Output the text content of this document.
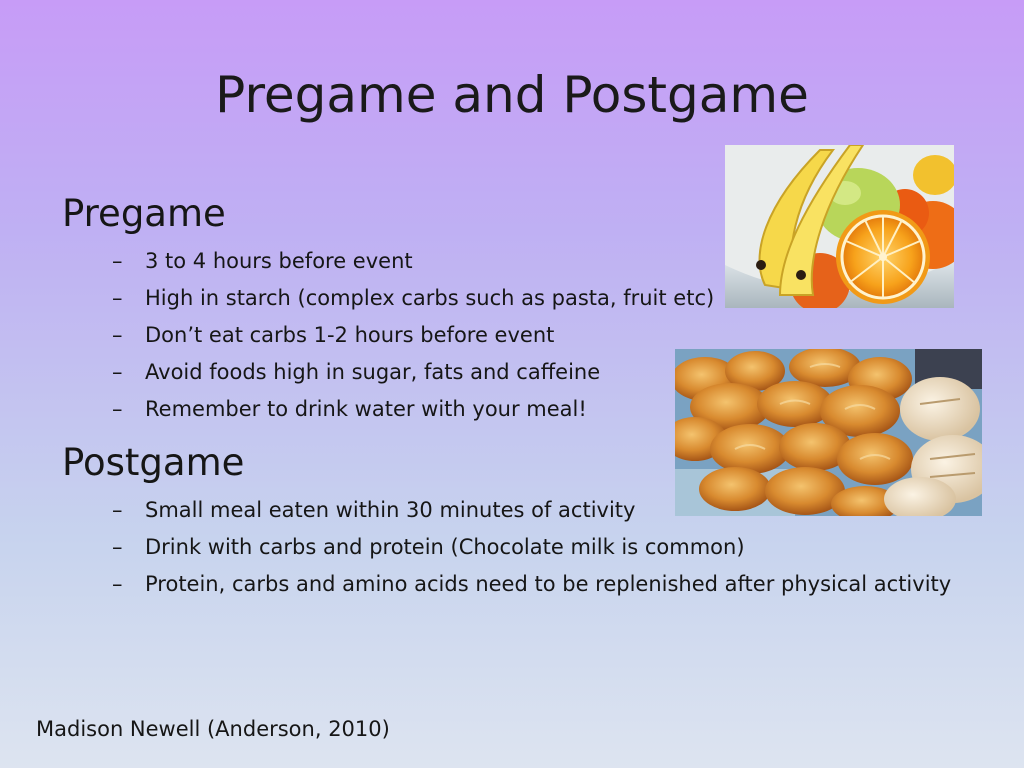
Pregame and Postgame
Pregame
– 3 to 4 hours before event
– High in starch (complex carbs such as pasta, fruit etc)
– Don’t eat carbs 1-2 hours before event
– Avoid foods high in sugar, fats and caffeine
– Remember to drink water with your meal!
Postgame
– Small meal eaten within 30 minutes of activity
– Drink with carbs and protein (Chocolate milk is common)
– Protein, carbs and amino acids need to be replenished after physical activity
Madison Newell (Anderson, 2010)
